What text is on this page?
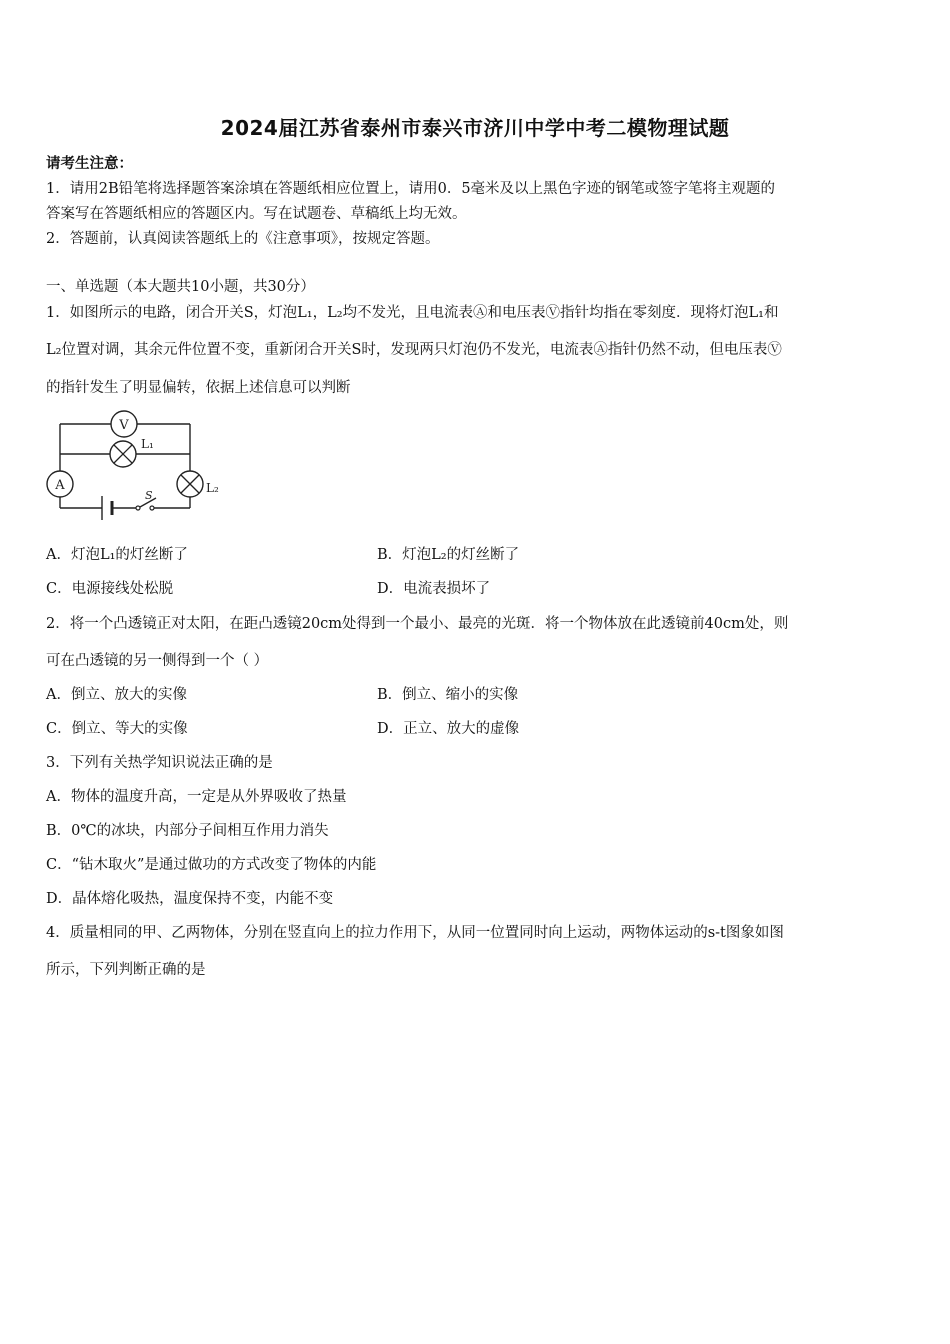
2024届江苏省泰州市泰兴市济川中学中考二模物理试题
请考生注意：
1．请用2B铅笔将选择题答案涂填在答题纸相应位置上，请用0．5毫米及以上黑色字迹的钢笔或签字笔将主观题的
答案写在答题纸相应的答题区内。写在试题卷、草稿纸上均无效。
2．答题前，认真阅读答题纸上的《注意事项》，按规定答题。
一、单选题（本大题共10小题，共30分）
1．如图所示的电路，闭合开关S，灯泡L₁，L₂均不发光，且电流表Ⓐ和电压表Ⓥ指针均指在零刻度．现将灯泡L₁和
L₂位置对调，其余元件位置不变，重新闭合开关S时，发现两只灯泡仍不发光，电流表Ⓐ指针仍然不动，但电压表Ⓥ
的指针发生了明显偏转，依据上述信息可以判断
S
V
L₁
A	L₂
A．灯泡L₁的灯丝断了	B．灯泡L₂的灯丝断了
C．电源接线处松脱	D．电流表损坏了
2．将一个凸透镜正对太阳，在距凸透镜20cm处得到一个最小、最亮的光斑．将一个物体放在此透镜前40cm处，则
可在凸透镜的另一侧得到一个（ ）
A．倒立、放大的实像	B．倒立、缩小的实像
C．倒立、等大的实像	D．正立、放大的虚像
3．下列有关热学知识说法正确的是
A．物体的温度升高，一定是从外界吸收了热量
B．0℃的冰块，内部分子间相互作用力消失
C．“钻木取火”是通过做功的方式改变了物体的内能
D．晶体熔化吸热，温度保持不变，内能不变
4．质量相同的甲、乙两物体，分别在竖直向上的拉力作用下，从同一位置同时向上运动，两物体运动的s-t图象如图
所示，下列判断正确的是
